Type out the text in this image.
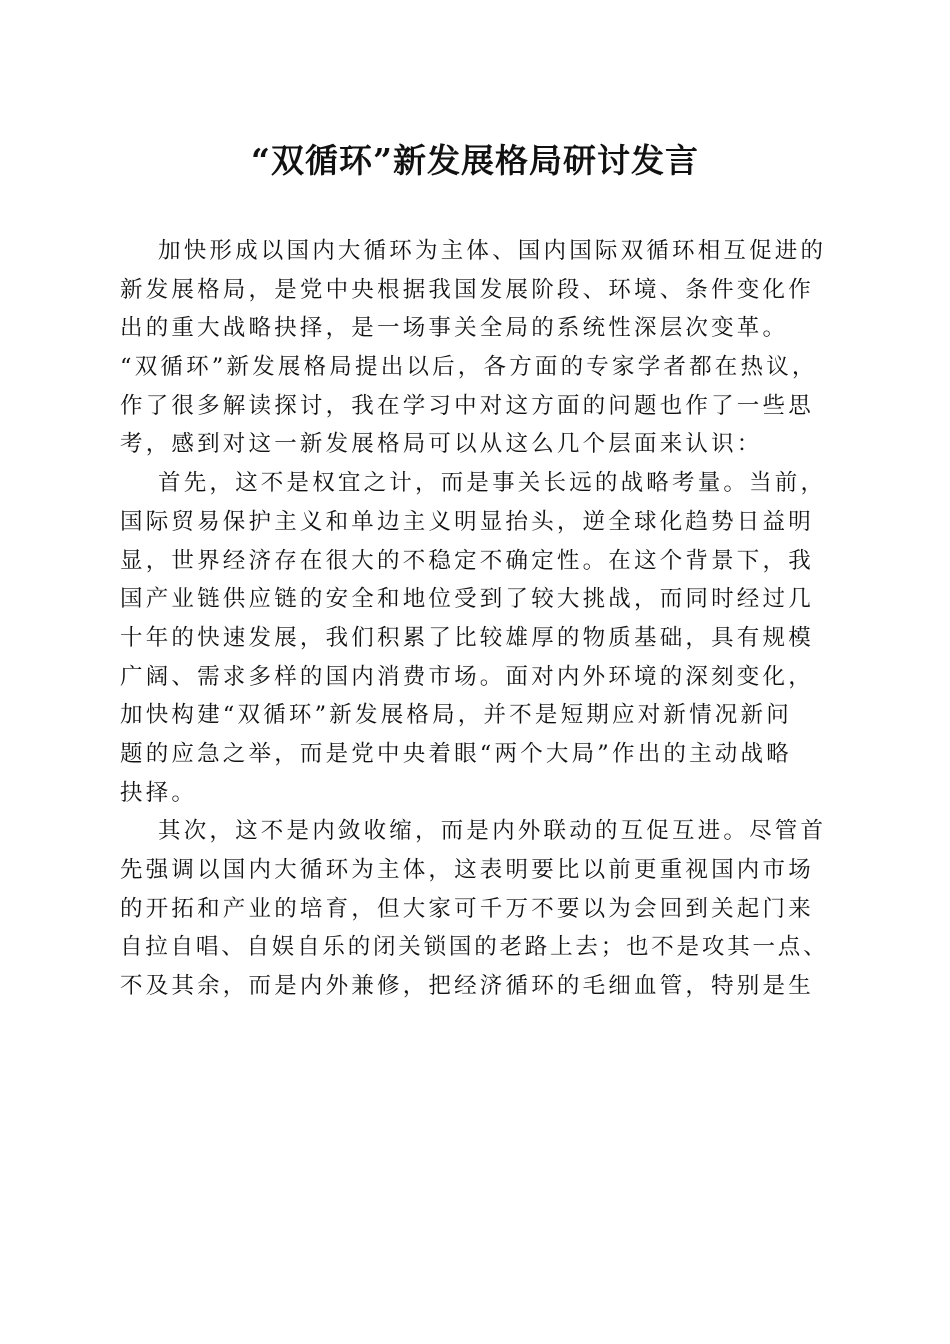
“双循环”新发展格局研讨发言
加快形成以国内大循环为主体、国内国际双循环相互促进的
新发展格局，是党中央根据我国发展阶段、环境、条件变化作
出的重大战略抉择，是一场事关全局的系统性深层次变革。
“双循环”新发展格局提出以后，各方面的专家学者都在热议，
作了很多解读探讨，我在学习中对这方面的问题也作了一些思
考，感到对这一新发展格局可以从这么几个层面来认识：
首先，这不是权宜之计，而是事关长远的战略考量。当前，
国际贸易保护主义和单边主义明显抬头，逆全球化趋势日益明
显，世界经济存在很大的不稳定不确定性。在这个背景下，我
国产业链供应链的安全和地位受到了较大挑战，而同时经过几
十年的快速发展，我们积累了比较雄厚的物质基础，具有规模
广阔、需求多样的国内消费市场。面对内外环境的深刻变化，
加快构建“双循环”新发展格局，并不是短期应对新情况新问
题的应急之举，而是党中央着眼“两个大局”作出的主动战略
抉择。
其次，这不是内敛收缩，而是内外联动的互促互进。尽管首
先强调以国内大循环为主体，这表明要比以前更重视国内市场
的开拓和产业的培育，但大家可千万不要以为会回到关起门来
自拉自唱、自娱自乐的闭关锁国的老路上去；也不是攻其一点、
不及其余，而是内外兼修，把经济循环的毛细血管，特别是生
